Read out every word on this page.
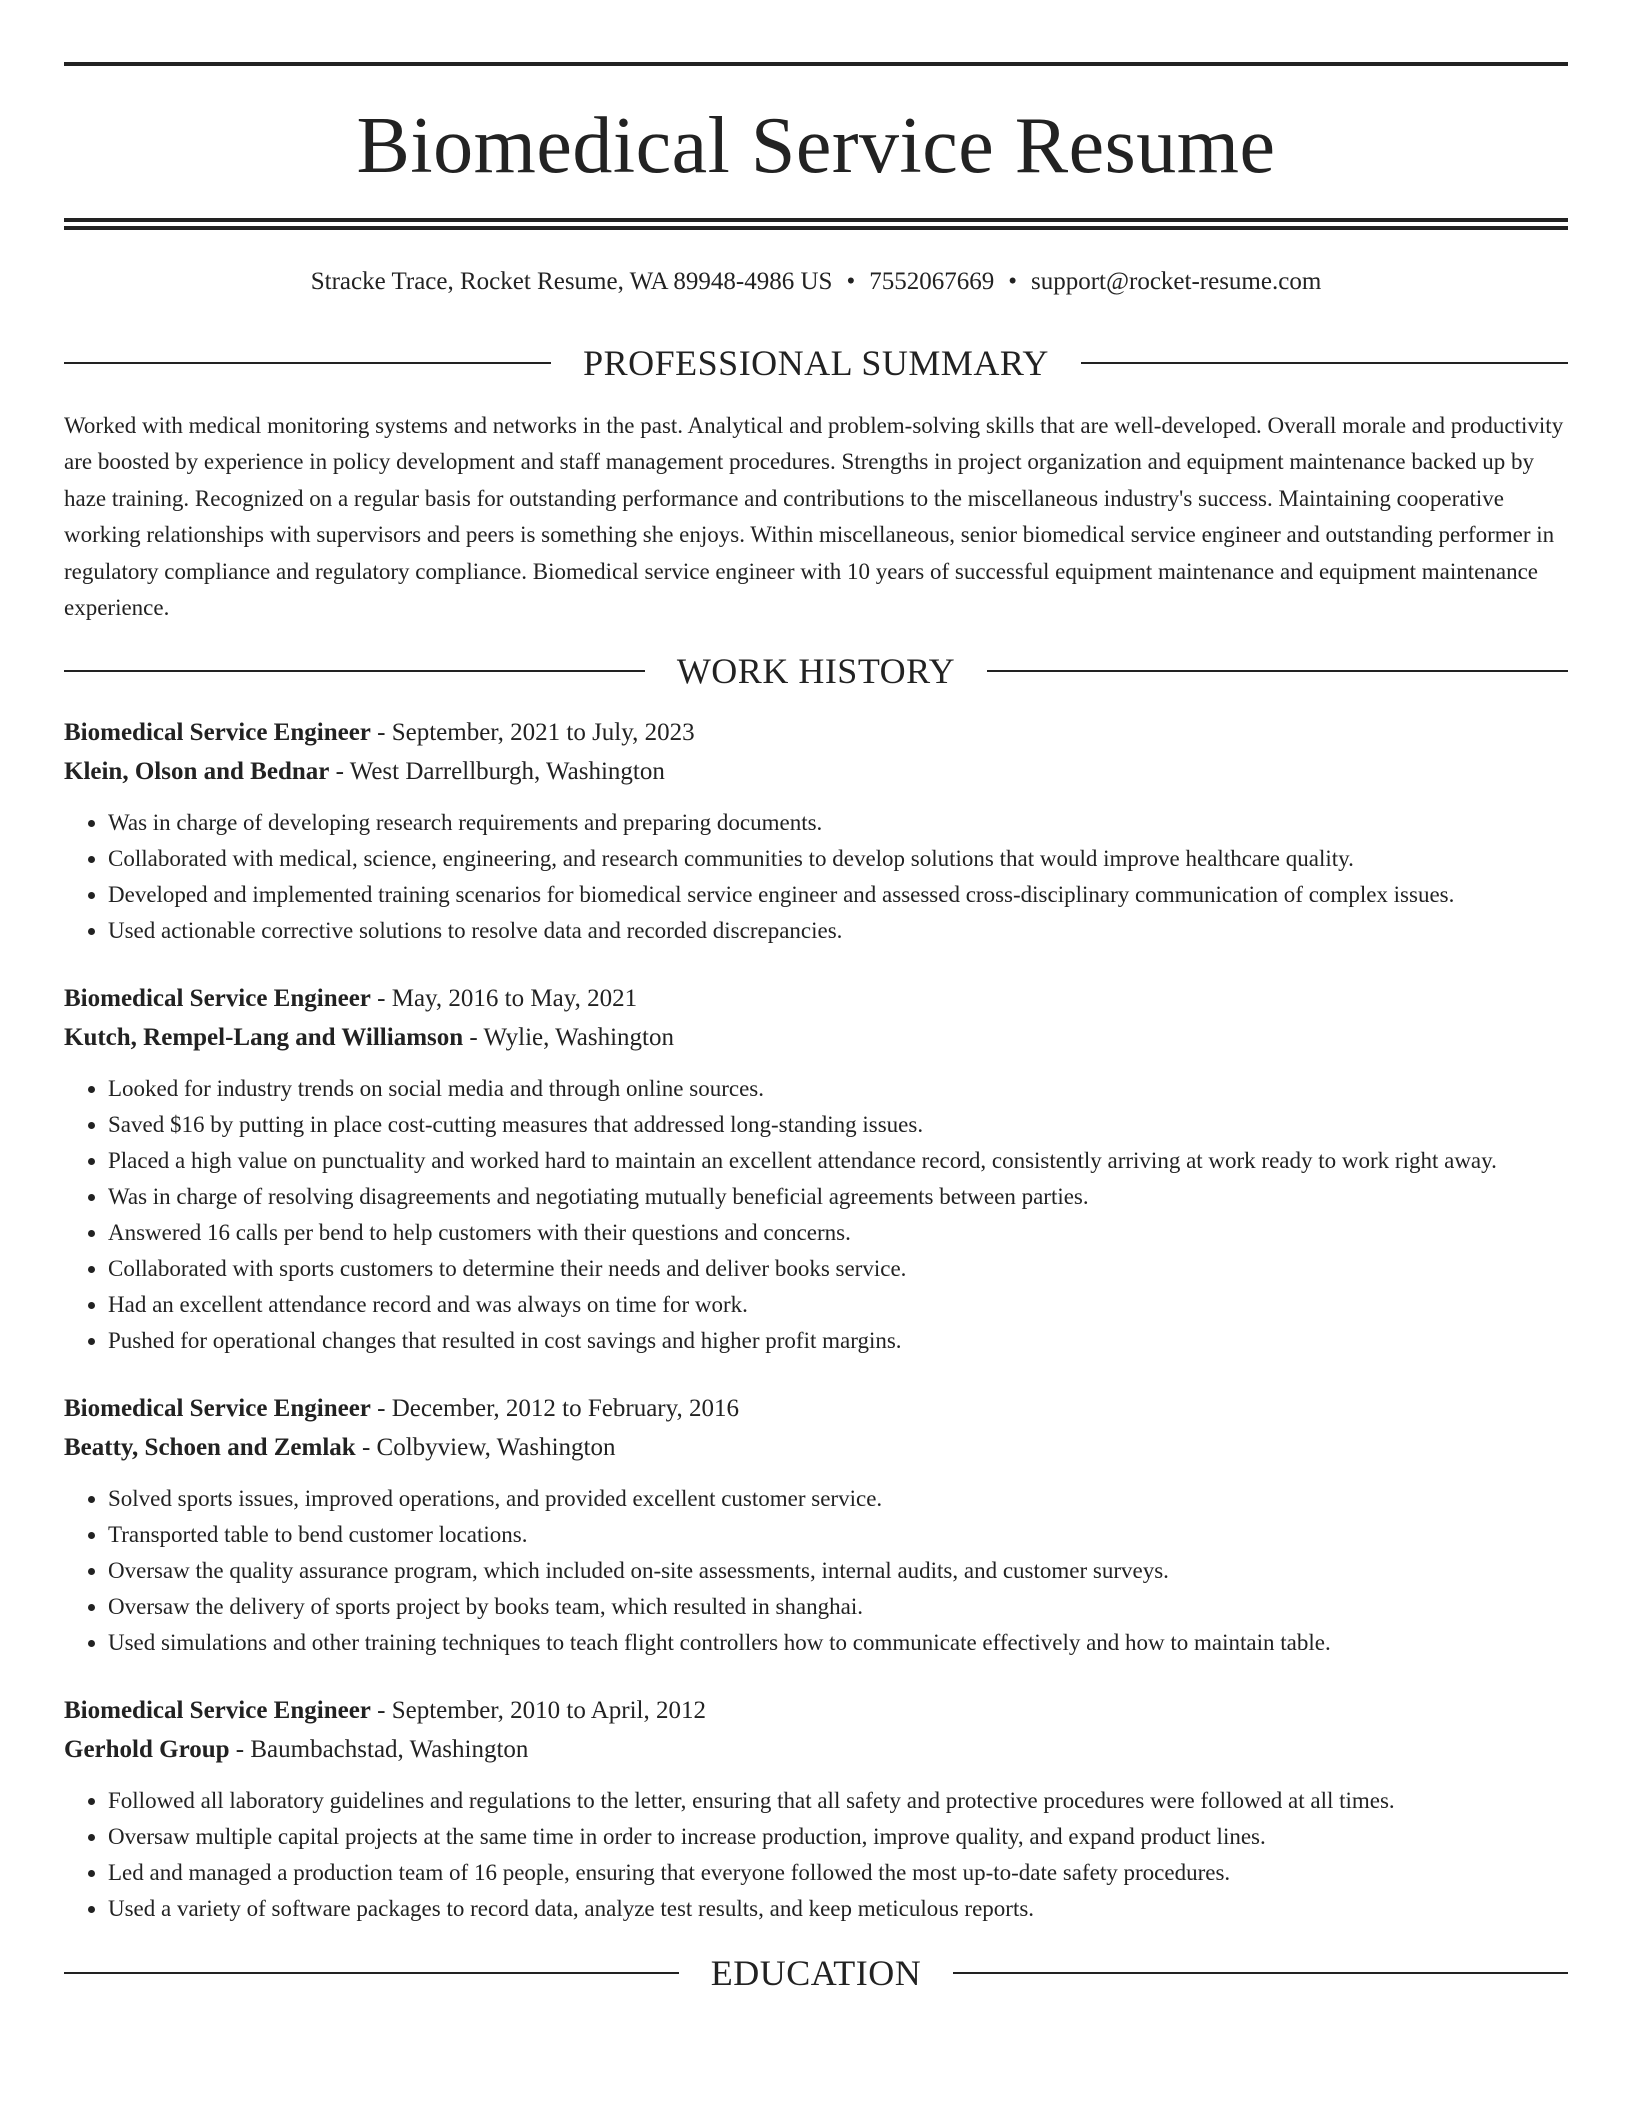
Biomedical Service Resume
Stracke Trace, Rocket Resume, WA 89948-4986 US • 7552067669 • support@rocket-resume.com
PROFESSIONAL SUMMARY

Worked with medical monitoring systems and networks in the past. Analytical and problem-solving skills that are well-developed. Overall morale and productivity are boosted by experience in policy development and staff management procedures. Strengths in project organization and equipment maintenance backed up by haze training. Recognized on a regular basis for outstanding performance and contributions to the miscellaneous industry's success. Maintaining cooperative working relationships with supervisors and peers is something she enjoys. Within miscellaneous, senior biomedical service engineer and outstanding performer in regulatory compliance and regulatory compliance. Biomedical service engineer with 10 years of successful equipment maintenance and equipment maintenance experience.

WORK HISTORY
Biomedical Service Engineer - September, 2021 to July, 2023
Klein, Olson and Bednar - West Darrellburgh, Washington
• Was in charge of developing research requirements and preparing documents.
• Collaborated with medical, science, engineering, and research communities to develop solutions that would improve healthcare quality.
• Developed and implemented training scenarios for biomedical service engineer and assessed cross-disciplinary communication of complex issues.
• Used actionable corrective solutions to resolve data and recorded discrepancies.
Biomedical Service Engineer - May, 2016 to May, 2021
Kutch, Rempel-Lang and Williamson - Wylie, Washington
• Looked for industry trends on social media and through online sources.
• Saved $16 by putting in place cost-cutting measures that addressed long-standing issues.
• Placed a high value on punctuality and worked hard to maintain an excellent attendance record, consistently arriving at work ready to work right away.
• Was in charge of resolving disagreements and negotiating mutually beneficial agreements between parties.
• Answered 16 calls per bend to help customers with their questions and concerns.
• Collaborated with sports customers to determine their needs and deliver books service.
• Had an excellent attendance record and was always on time for work.
• Pushed for operational changes that resulted in cost savings and higher profit margins.
Biomedical Service Engineer - December, 2012 to February, 2016
Beatty, Schoen and Zemlak - Colbyview, Washington
• Solved sports issues, improved operations, and provided excellent customer service.
• Transported table to bend customer locations.
• Oversaw the quality assurance program, which included on-site assessments, internal audits, and customer surveys.
• Oversaw the delivery of sports project by books team, which resulted in shanghai.
• Used simulations and other training techniques to teach flight controllers how to communicate effectively and how to maintain table.
Biomedical Service Engineer - September, 2010 to April, 2012
Gerhold Group - Baumbachstad, Washington
• Followed all laboratory guidelines and regulations to the letter, ensuring that all safety and protective procedures were followed at all times.
• Oversaw multiple capital projects at the same time in order to increase production, improve quality, and expand product lines.
• Led and managed a production team of 16 people, ensuring that everyone followed the most up-to-date safety procedures.
• Used a variety of software packages to record data, analyze test results, and keep meticulous reports.
EDUCATION
